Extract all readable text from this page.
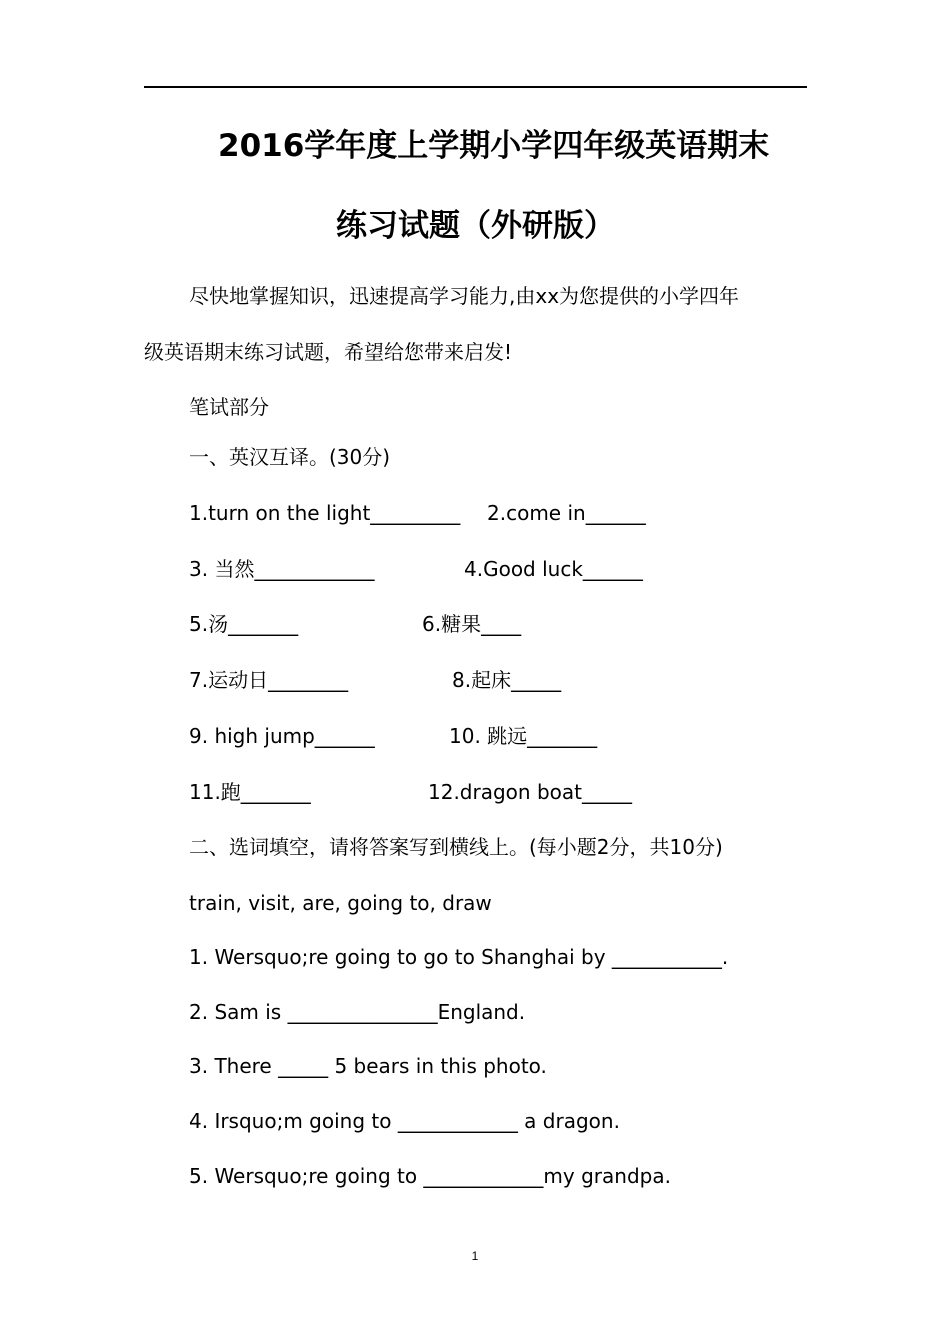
2016学年度上学期小学四年级英语期末
练习试题（外研版）
尽快地掌握知识，迅速提高学习能力,由xx为您提供的小学四年
级英语期末练习试题，希望给您带来启发!
笔试部分
一、英汉互译。(30分)
1.turn on the light_________ 2.come in______
3. 当然____________	4.Good luck______
5.汤_______	6.糖果____
7.运动日________	8.起床_____
9. high jump______	10. 跳远_______
11.跑_______	12.dragon boat_____
二、选词填空，请将答案写到横线上。(每小题2分，共10分)
train, visit, are, going to, draw
1. Wersquo;re going to go to Shanghai by ___________.
2. Sam is _______________England.
3. There _____ 5 bears in this photo.
4. Irsquo;m going to ____________ a dragon.
5. Wersquo;re going to ____________my grandpa.
1
